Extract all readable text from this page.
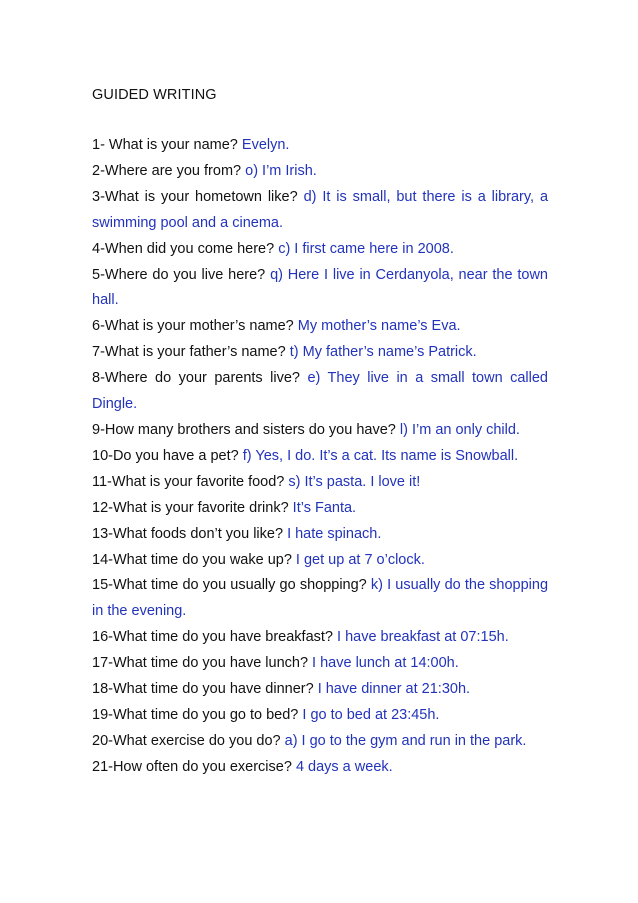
GUIDED WRITING
1- What is your name? Evelyn.
2-Where are you from? o) I’m Irish.
3-What is your hometown like? d) It is small, but there is a library, a swimming pool and a cinema.
4-When did you come here? c) I first came here in 2008.
5-Where do you live here? q) Here I live in Cerdanyola, near the town hall.
6-What is your mother’s name? My mother’s name’s Eva.
7-What is your father’s name? t) My father’s name’s Patrick.
8-Where do your parents live? e) They live in a small town called Dingle.
9-How many brothers and sisters do you have? l) I’m an only child.
10-Do you have a pet? f) Yes, I do. It’s a cat. Its name is Snowball.
11-What is your favorite food? s) It’s pasta. I love it!
12-What is your favorite drink? It’s Fanta.
13-What foods don’t you like? I hate spinach.
14-What time do you wake up? I get up at 7 o’clock.
15-What time do you usually go shopping? k) I usually do the shopping in the evening.
16-What time do you have breakfast? I have breakfast at 07:15h.
17-What time do you have lunch? I have lunch at 14:00h.
18-What time do you have dinner? I have dinner at 21:30h.
19-What time do you go to bed? I go to bed at 23:45h.
20-What exercise do you do? a) I go to the gym and run in the park.
21-How often do you exercise? 4 days a week.
